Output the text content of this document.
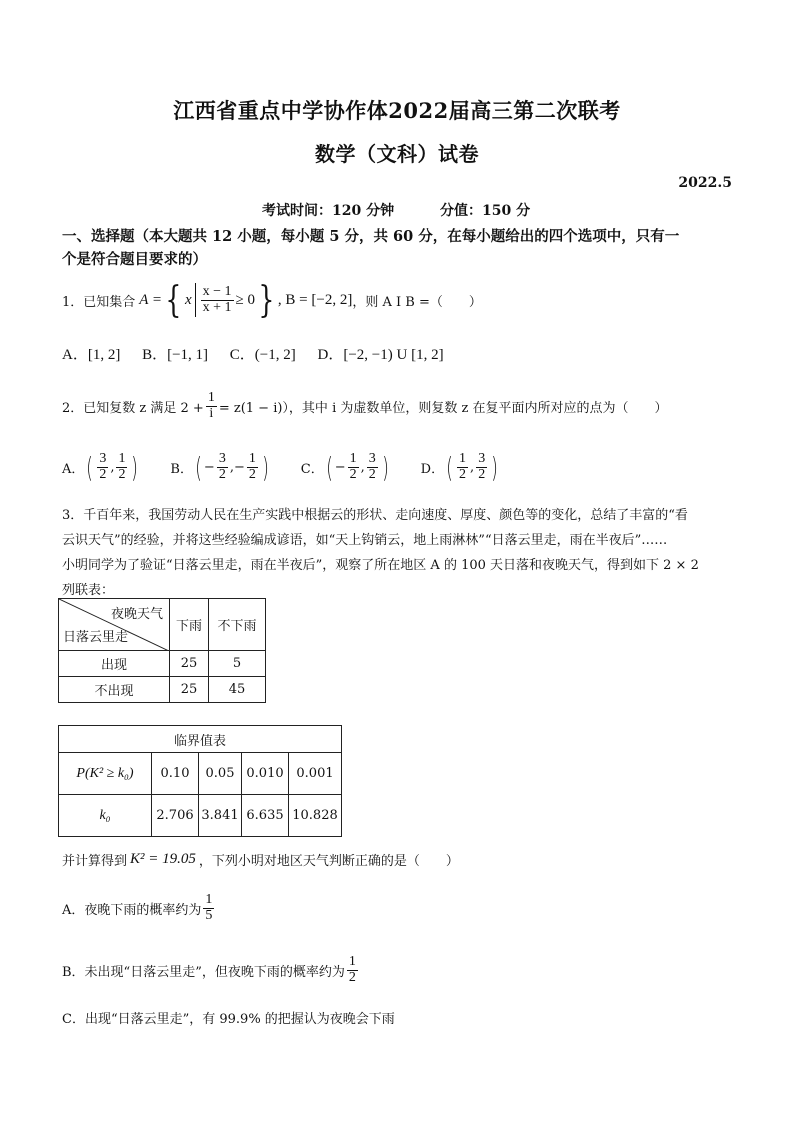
江西省重点中学协作体2022届高三第二次联考
数学（文科）试卷
2022.5
考试时间：120 分钟	分值：150 分
一、选择题（本大题共 12 小题，每小题 5 分，共 60 分，在每小题给出的四个选项中，只有一
个是符合题目要求的）
1．已知集合 A = { x $\frac{x - 1}{x + 1} \ge 0$ } , B = [−2, 2] ，则 A I B =（　　）
A．[1, 2] B．[−1, 1] C．(−1, 2] D．[−2, −1) U [1, 2]
2．已知复数 z 满足 $2 + \frac{1}{i} = z(1 - i)$），其中 i 为虚数单位，则复数 z 在复平面内所对应的点为（　　）
A． ( $\frac{3}{2}$ , $\frac{1}{2}$ ) B． ( − $\frac{3}{2}$ , − $\frac{1}{2}$ ) C． ( − $\frac{1}{2}$ , $\frac{3}{2}$ ) D． ( $\frac{1}{2}$ , $\frac{3}{2}$ )
3．千百年来，我国劳动人民在生产实践中根据云的形状、走向速度、厚度、颜色等的变化，总结了丰富的“看
云识天气”的经验，并将这些经验编成谚语，如“天上钩销云，地上雨淋林”“日落云里走，雨在半夜后”……
小明同学为了验证“日落云里走，雨在半夜后”，观察了所在地区 A 的 100 天日落和夜晚天气，得到如下 2 × 2
列联表：
夜晚天气
日落云里走	下雨	不下雨
出现	25	5
不出现	25	45
临界值表				
P(K² ≥ k₀)	0.10	0.05	0.010	0.001
k₀	2.706	3.841	6.635	10.828
并计算得到 K² = 19.05 ，下列小明对地区天气判断正确的是（　　）
A．夜晚下雨的概率约为 $\frac{1}{5}$
B．未出现“日落云里走”，但夜晚下雨的概率约为 $\frac{1}{2}$
C．出现“日落云里走”，有 99.9% 的把握认为夜晚会下雨
